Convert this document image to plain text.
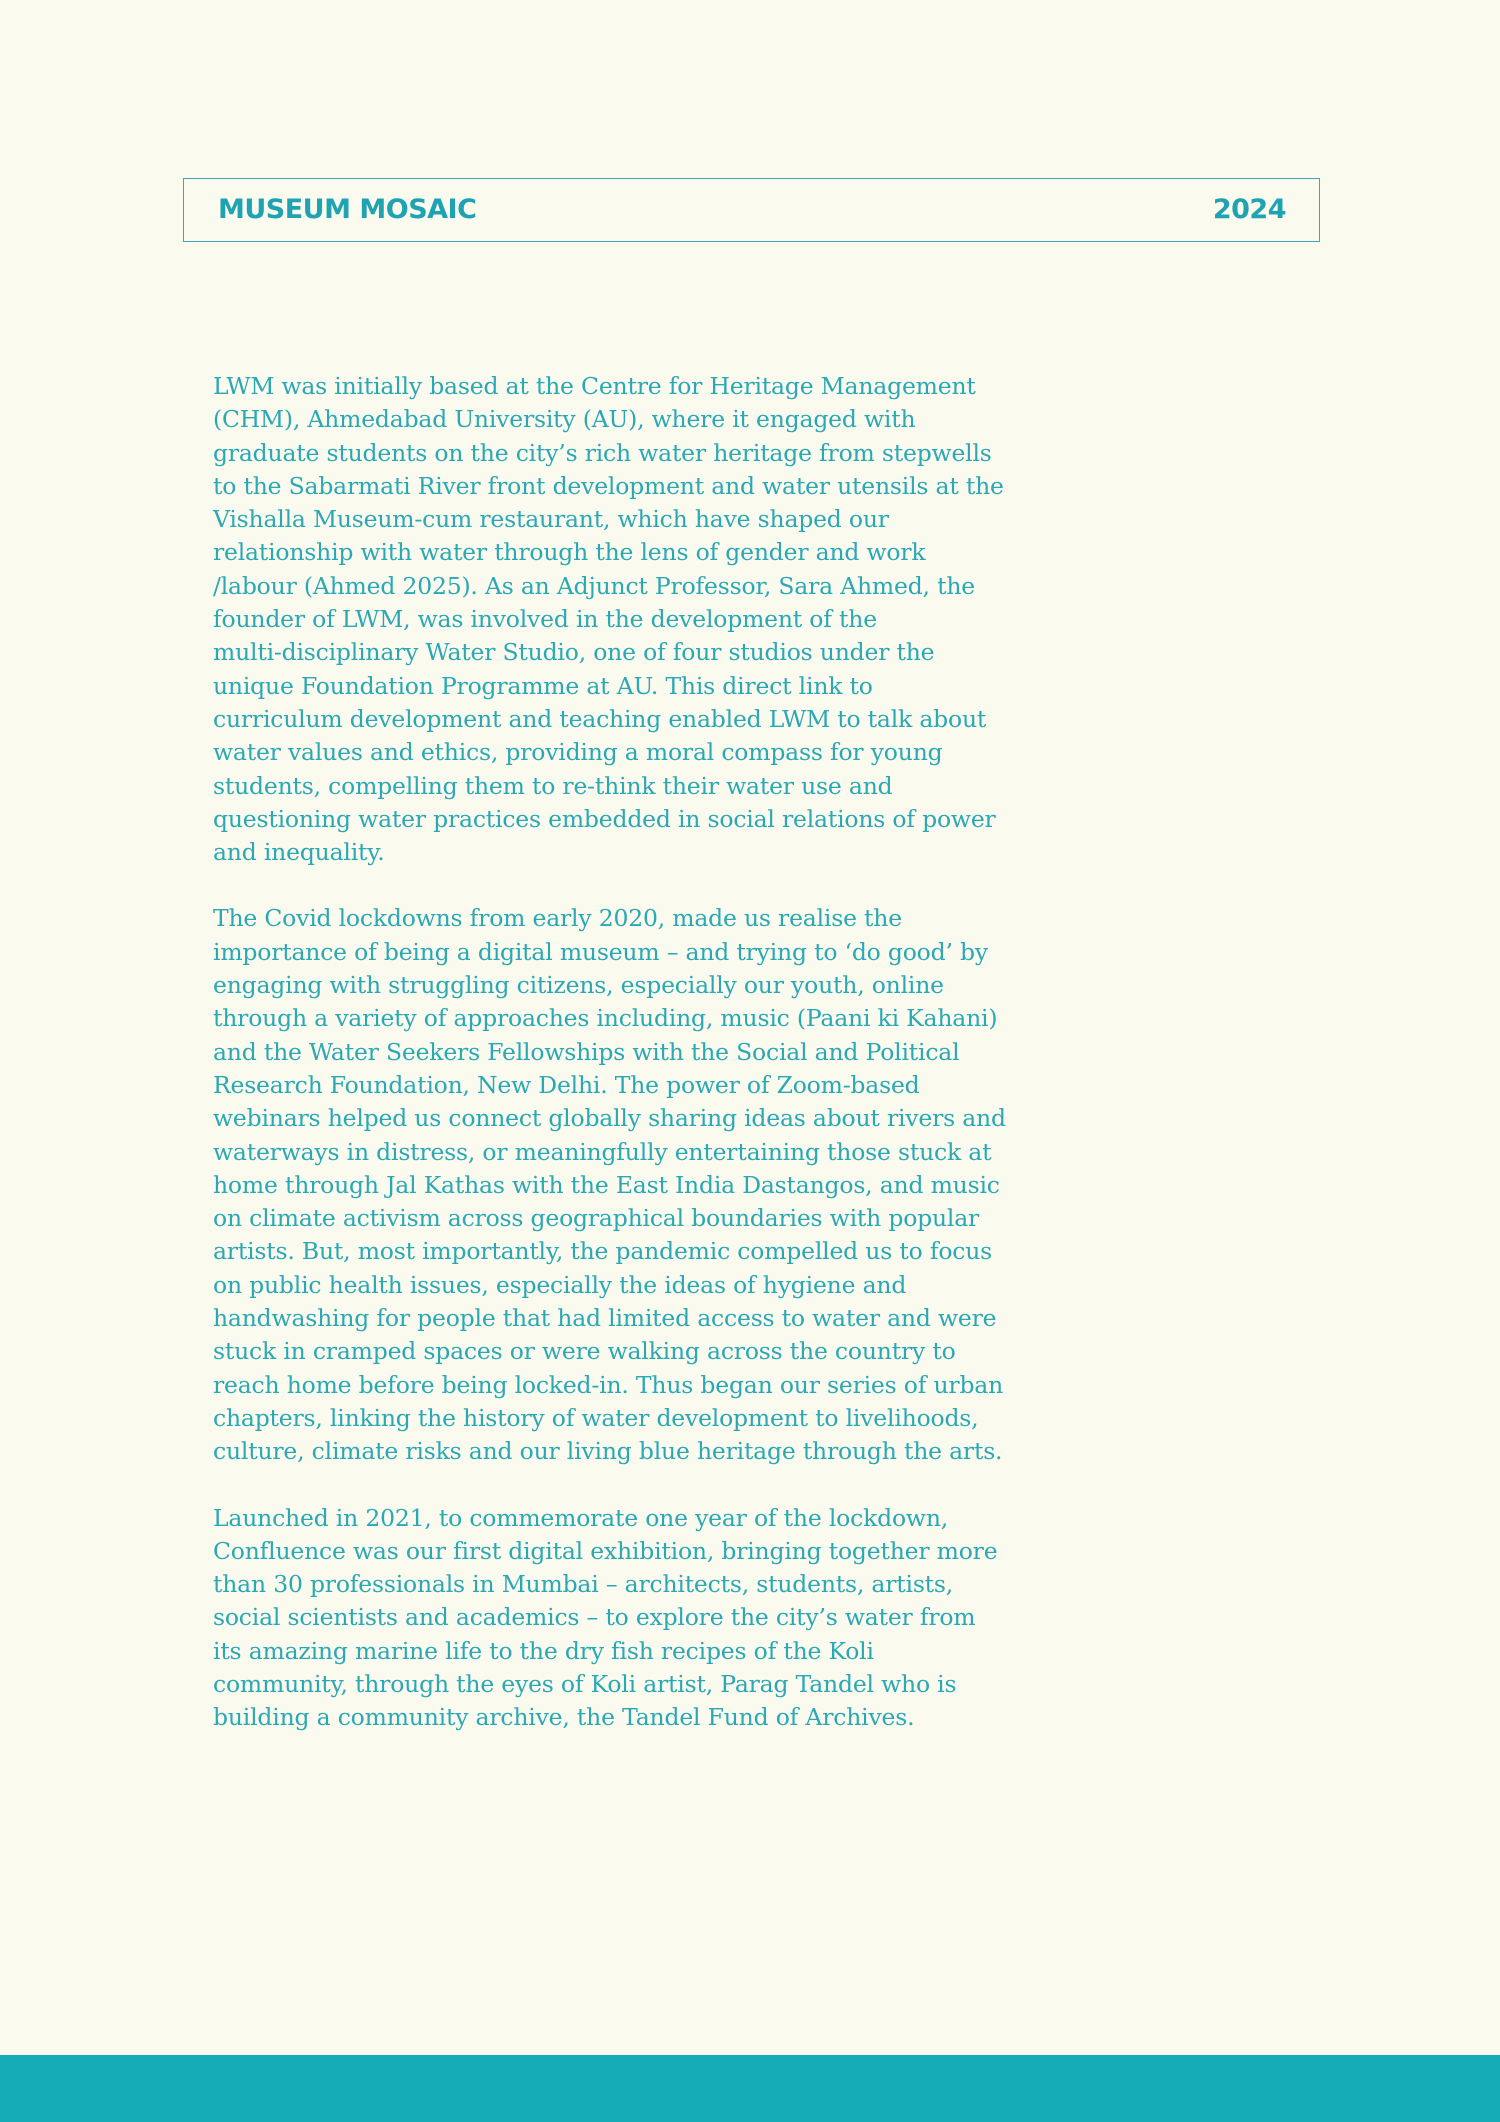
MUSEUM MOSAIC	2024

LWM was initially based at the Centre for Heritage Management
(CHM), Ahmedabad University (AU), where it engaged with
graduate students on the city’s rich water heritage from stepwells
to the Sabarmati River front development and water utensils at the
Vishalla Museum-cum restaurant, which have shaped our
relationship with water through the lens of gender and work
/labour (Ahmed 2025). As an Adjunct Professor, Sara Ahmed, the
founder of LWM, was involved in the development of the
multi-disciplinary Water Studio, one of four studios under the
unique Foundation Programme at AU. This direct link to
curriculum development and teaching enabled LWM to talk about
water values and ethics, providing a moral compass for young
students, compelling them to re-think their water use and
questioning water practices embedded in social relations of power
and inequality.

The Covid lockdowns from early 2020, made us realise the
importance of being a digital museum – and trying to ‘do good’ by
engaging with struggling citizens, especially our youth, online
through a variety of approaches including, music (Paani ki Kahani)
and the Water Seekers Fellowships with the Social and Political
Research Foundation, New Delhi. The power of Zoom-based
webinars helped us connect globally sharing ideas about rivers and
waterways in distress, or meaningfully entertaining those stuck at
home through Jal Kathas with the East India Dastangos, and music
on climate activism across geographical boundaries with popular
artists. But, most importantly, the pandemic compelled us to focus
on public health issues, especially the ideas of hygiene and
handwashing for people that had limited access to water and were
stuck in cramped spaces or were walking across the country to
reach home before being locked-in. Thus began our series of urban
chapters, linking the history of water development to livelihoods,
culture, climate risks and our living blue heritage through the arts.

Launched in 2021, to commemorate one year of the lockdown,
Confluence was our first digital exhibition, bringing together more
than 30 professionals in Mumbai – architects, students, artists,
social scientists and academics – to explore the city’s water from
its amazing marine life to the dry fish recipes of the Koli
community, through the eyes of Koli artist, Parag Tandel who is
building a community archive, the Tandel Fund of Archives.
